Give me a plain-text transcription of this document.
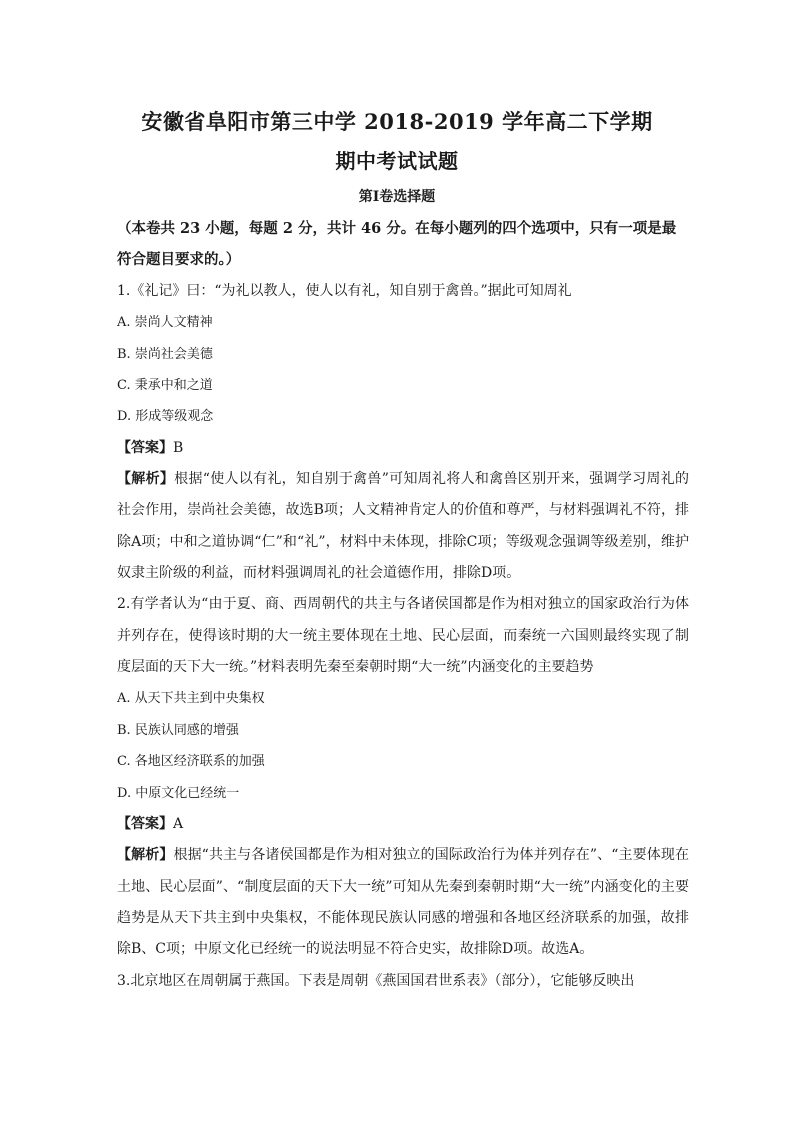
安徽省阜阳市第三中学 2018-2019 学年高二下学期
期中考试试题
第Ⅰ卷选择题
（本卷共 23 小题，每题 2 分，共计 46 分。在每小题列的四个选项中，只有一项是最符合题目要求的。）
1.《礼记》曰：“为礼以教人，使人以有礼，知自别于禽兽。”据此可知周礼
A. 崇尚人文精神
B. 崇尚社会美德
C. 秉承中和之道
D. 形成等级观念
【答案】B
【解析】根据“使人以有礼，知自别于禽兽”可知周礼将人和禽兽区别开来，强调学习周礼的社会作用，崇尚社会美德，故选B项；人文精神肯定人的价值和尊严，与材料强调礼不符，排除A项；中和之道协调“仁”和“礼”，材料中未体现，排除C项；等级观念强调等级差别，维护奴隶主阶级的利益，而材料强调周礼的社会道德作用，排除D项。
2.有学者认为“由于夏、商、西周朝代的共主与各诸侯国都是作为相对独立的国家政治行为体并列存在，使得该时期的大一统主要体现在土地、民心层面，而秦统一六国则最终实现了制度层面的天下大一统。”材料表明先秦至秦朝时期“大一统”内涵变化的主要趋势
A. 从天下共主到中央集权
B. 民族认同感的增强
C. 各地区经济联系的加强
D. 中原文化已经统一
【答案】A
【解析】根据“共主与各诸侯国都是作为相对独立的国际政治行为体并列存在”、“主要体现在土地、民心层面”、“制度层面的天下大一统”可知从先秦到秦朝时期“大一统”内涵变化的主要趋势是从天下共主到中央集权，不能体现民族认同感的增强和各地区经济联系的加强，故排除B、C项；中原文化已经统一的说法明显不符合史实，故排除D项。故选A。
3.北京地区在周朝属于燕国。下表是周朝《燕国国君世系表》（部分），它能够反映出
